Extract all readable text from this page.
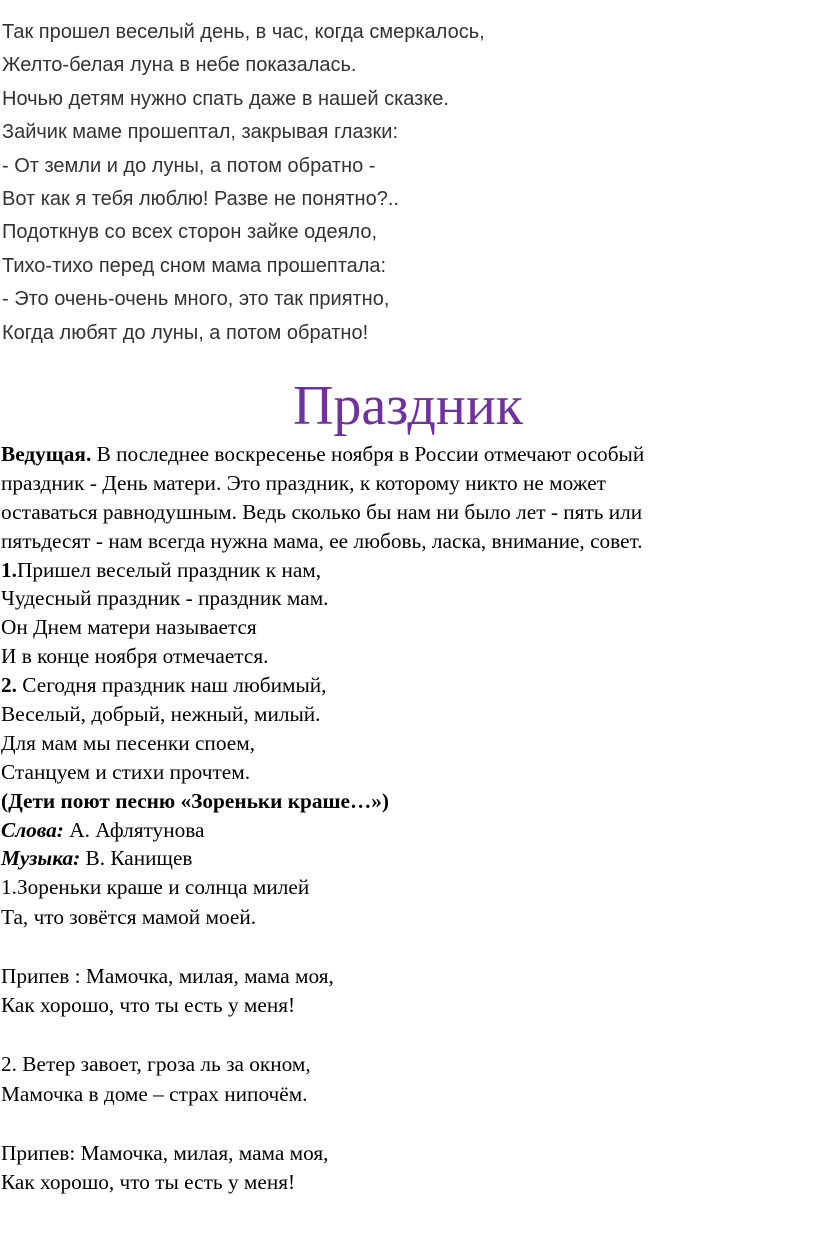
Так прошел веселый день, в час, когда смеркалось,
Желто-белая луна в небе показалась.
Ночью детям нужно спать даже в нашей сказке.
Зайчик маме прошептал, закрывая глазки:
- От земли и до луны, а потом обратно -
Вот как я тебя люблю! Разве не понятно?..
Подоткнув со всех сторон зайке одеяло,
Тихо-тихо перед сном мама прошептала:
- Это очень-очень много, это так приятно,
Когда любят до луны, а потом обратно!
Праздник
Ведущая. В последнее воскресенье ноября в России отмечают особый
праздник - День матери. Это праздник, к которому никто не может
оставаться равнодушным. Ведь сколько бы нам ни было лет - пять или
пятьдесят - нам всегда нужна мама, ее любовь, ласка, внимание, совет.
1.Пришел веселый праздник к нам,
Чудесный праздник - праздник мам.
Он Днем матери называется
И в конце ноября отмечается.
2. Сегодня праздник наш любимый,
Веселый, добрый, нежный, милый.
Для мам мы песенки споем,
Станцуем и стихи прочтем.
(Дети поют песню «Зореньки краше…»)
Слова: А. Афлятунова
Музыка: В. Канищев
1.Зореньки краше и солнца милей
Та, что зовётся мамой моей.
Припев : Мамочка, милая, мама моя,
Как хорошо, что ты есть у меня!
2. Ветер завоет, гроза ль за окном,
Мамочка в доме – страх нипочём.
Припев: Мамочка, милая, мама моя,
Как хорошо, что ты есть у меня!
